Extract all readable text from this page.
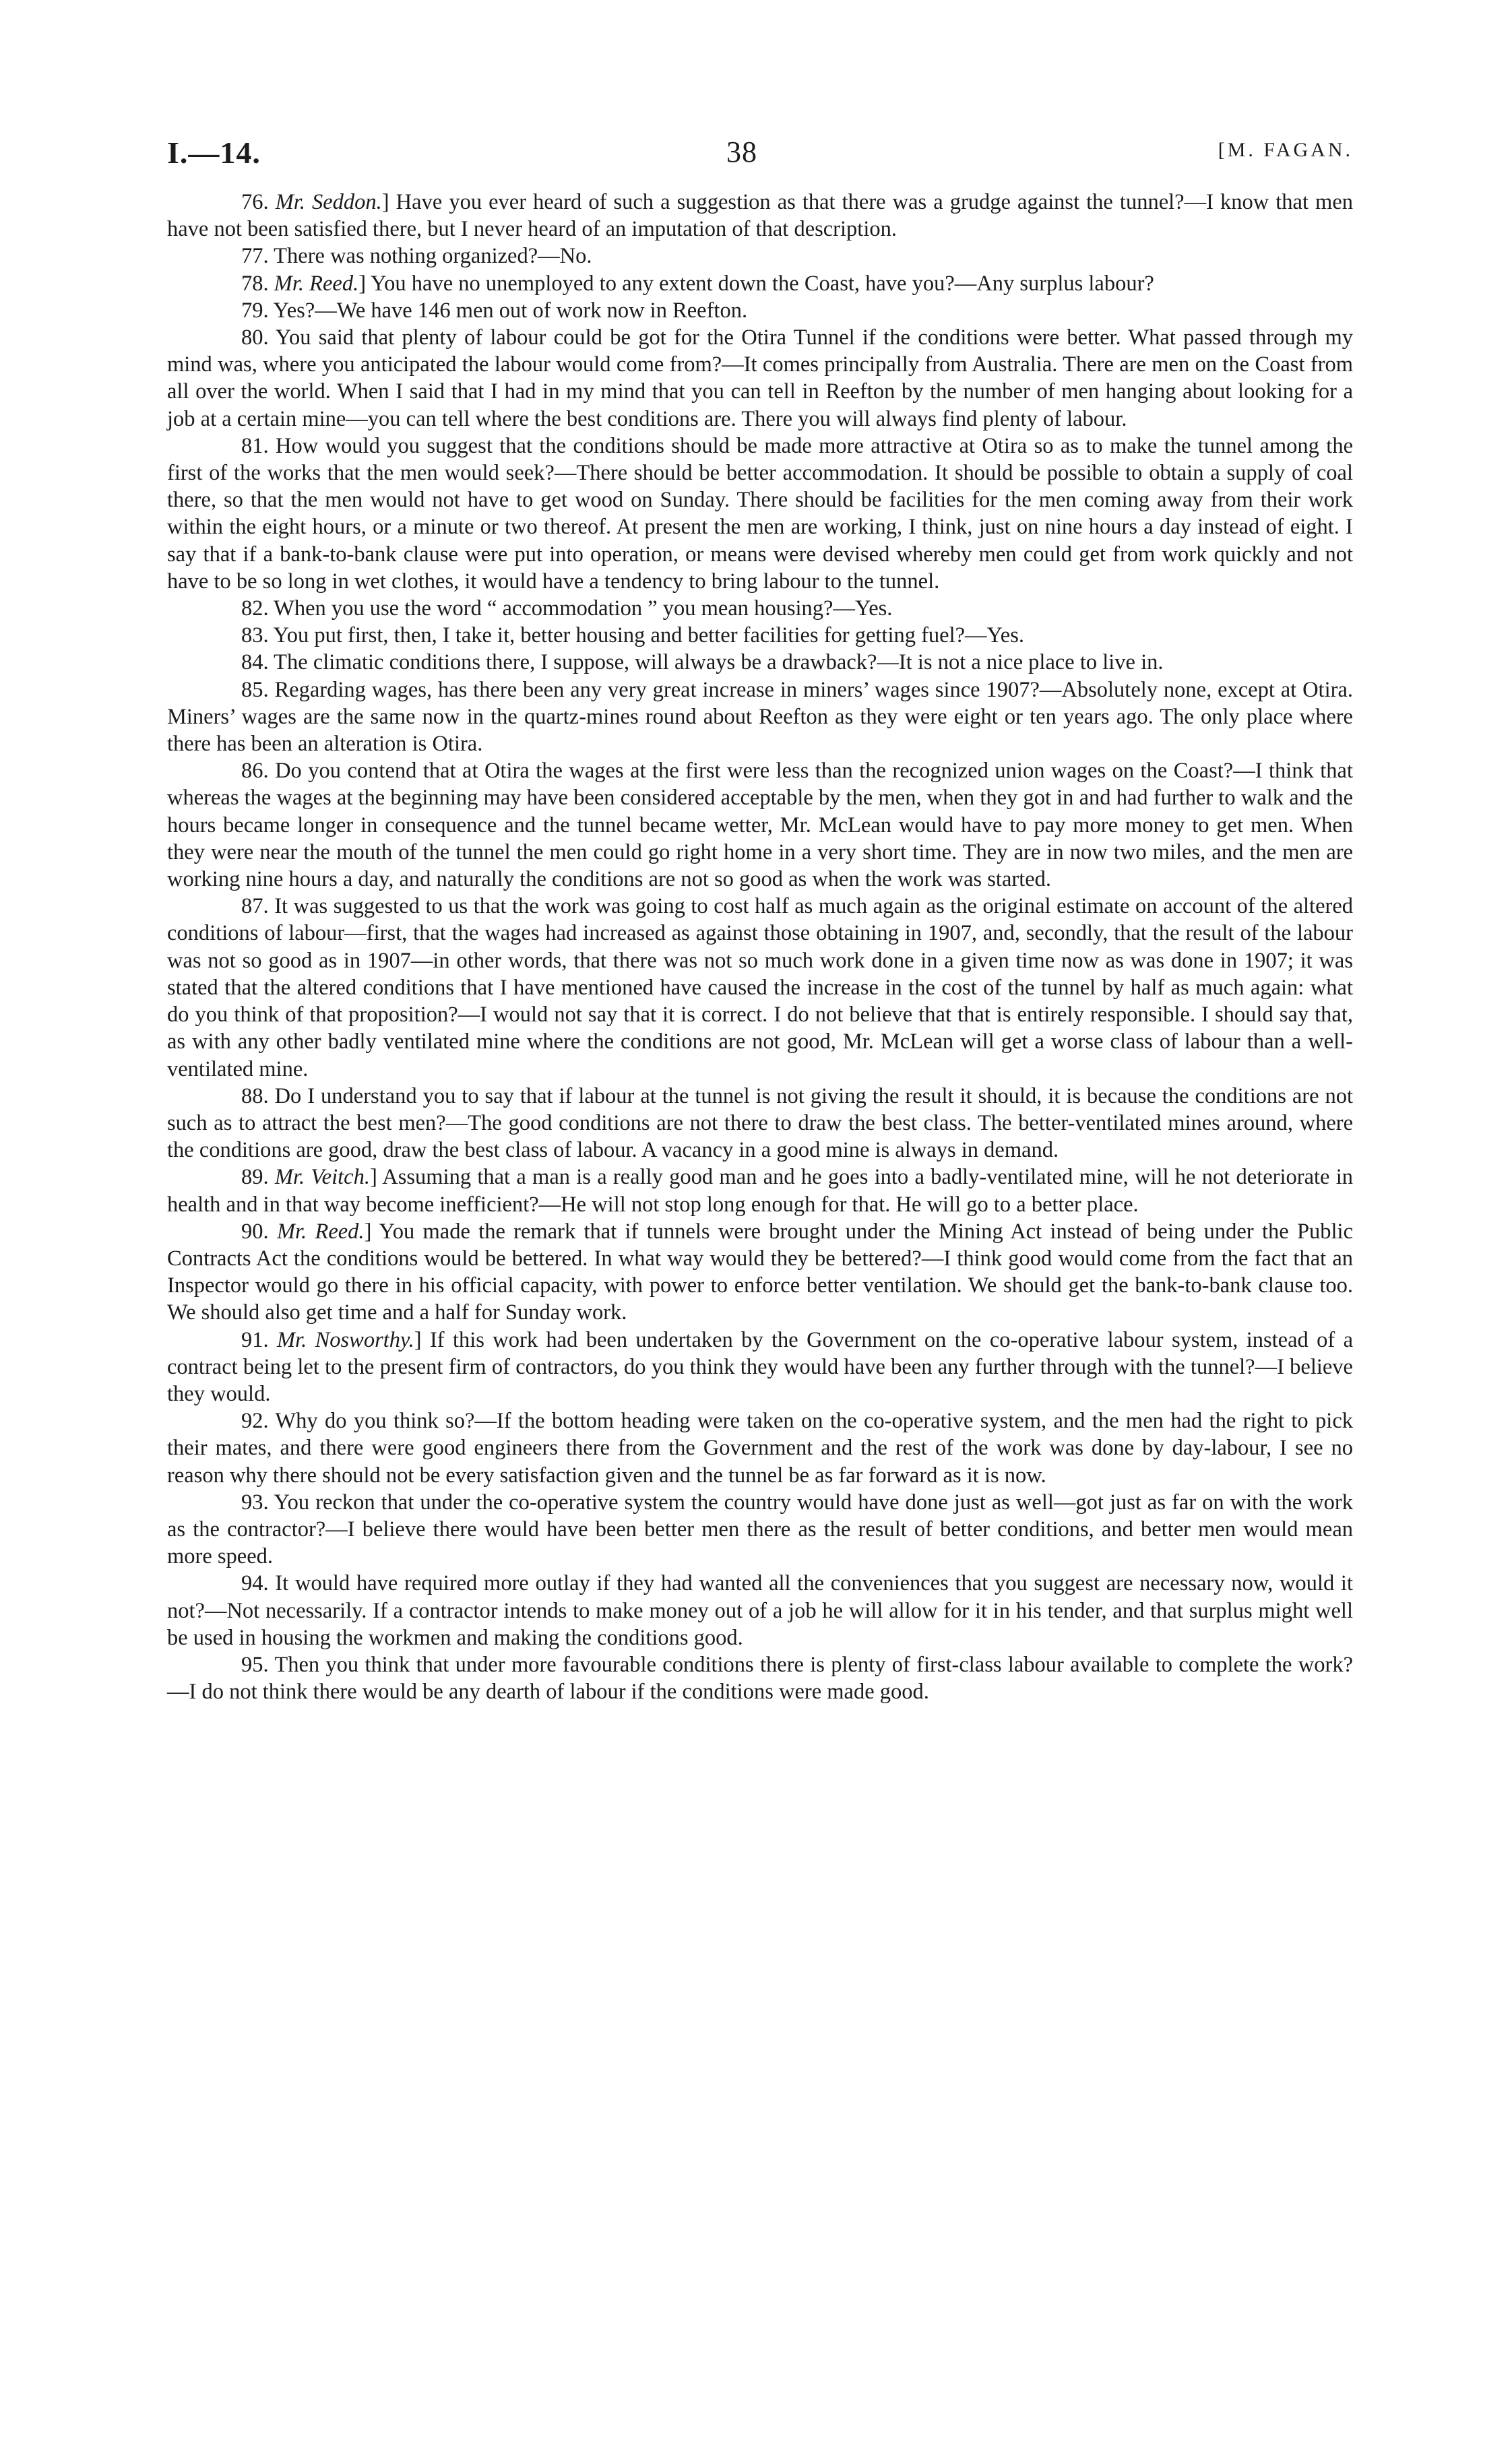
I.—14.	38	[M. FAGAN.

76. Mr. Seddon.] Have you ever heard of such a suggestion as that there was a grudge against the tunnel?—I know that men have not been satisfied there, but I never heard of an imputation of that description.

77. There was nothing organized?—No.

78. Mr. Reed.] You have no unemployed to any extent down the Coast, have you?—Any surplus labour?

79. Yes?—We have 146 men out of work now in Reefton.

80. You said that plenty of labour could be got for the Otira Tunnel if the conditions were better. What passed through my mind was, where you anticipated the labour would come from?—It comes principally from Australia. There are men on the Coast from all over the world. When I said that I had in my mind that you can tell in Reefton by the number of men hanging about looking for a job at a certain mine—you can tell where the best conditions are. There you will always find plenty of labour.

81. How would you suggest that the conditions should be made more attractive at Otira so as to make the tunnel among the first of the works that the men would seek?—There should be better accommodation. It should be possible to obtain a supply of coal there, so that the men would not have to get wood on Sunday. There should be facilities for the men coming away from their work within the eight hours, or a minute or two thereof. At present the men are working, I think, just on nine hours a day instead of eight. I say that if a bank-to-bank clause were put into operation, or means were devised whereby men could get from work quickly and not have to be so long in wet clothes, it would have a tendency to bring labour to the tunnel.

82. When you use the word “ accommodation ” you mean housing?—Yes.

83. You put first, then, I take it, better housing and better facilities for getting fuel?—Yes.

84. The climatic conditions there, I suppose, will always be a drawback?—It is not a nice place to live in.

85. Regarding wages, has there been any very great increase in miners’ wages since 1907?—Absolutely none, except at Otira. Miners’ wages are the same now in the quartz-mines round about Reefton as they were eight or ten years ago. The only place where there has been an alteration is Otira.

86. Do you contend that at Otira the wages at the first were less than the recognized union wages on the Coast?—I think that whereas the wages at the beginning may have been considered acceptable by the men, when they got in and had further to walk and the hours became longer in consequence and the tunnel became wetter, Mr. McLean would have to pay more money to get men. When they were near the mouth of the tunnel the men could go right home in a very short time. They are in now two miles, and the men are working nine hours a day, and naturally the conditions are not so good as when the work was started.

87. It was suggested to us that the work was going to cost half as much again as the original estimate on account of the altered conditions of labour—first, that the wages had increased as against those obtaining in 1907, and, secondly, that the result of the labour was not so good as in 1907—in other words, that there was not so much work done in a given time now as was done in 1907; it was stated that the altered conditions that I have mentioned have caused the increase in the cost of the tunnel by half as much again: what do you think of that proposition?—I would not say that it is correct. I do not believe that that is entirely responsible. I should say that, as with any other badly ventilated mine where the conditions are not good, Mr. McLean will get a worse class of labour than a well-ventilated mine.

88. Do I understand you to say that if labour at the tunnel is not giving the result it should, it is because the conditions are not such as to attract the best men?—The good conditions are not there to draw the best class. The better-ventilated mines around, where the conditions are good, draw the best class of labour. A vacancy in a good mine is always in demand.

89. Mr. Veitch.] Assuming that a man is a really good man and he goes into a badly-ventilated mine, will he not deteriorate in health and in that way become inefficient?—He will not stop long enough for that. He will go to a better place.

90. Mr. Reed.] You made the remark that if tunnels were brought under the Mining Act instead of being under the Public Contracts Act the conditions would be bettered. In what way would they be bettered?—I think good would come from the fact that an Inspector would go there in his official capacity, with power to enforce better ventilation. We should get the bank-to-bank clause too. We should also get time and a half for Sunday work.

91. Mr. Nosworthy.] If this work had been undertaken by the Government on the co-operative labour system, instead of a contract being let to the present firm of contractors, do you think they would have been any further through with the tunnel?—I believe they would.

92. Why do you think so?—If the bottom heading were taken on the co-operative system, and the men had the right to pick their mates, and there were good engineers there from the Government and the rest of the work was done by day-labour, I see no reason why there should not be every satisfaction given and the tunnel be as far forward as it is now.

93. You reckon that under the co-operative system the country would have done just as well—got just as far on with the work as the contractor?—I believe there would have been better men there as the result of better conditions, and better men would mean more speed.

94. It would have required more outlay if they had wanted all the conveniences that you suggest are necessary now, would it not?—Not necessarily. If a contractor intends to make money out of a job he will allow for it in his tender, and that surplus might well be used in housing the workmen and making the conditions good.

95. Then you think that under more favourable conditions there is plenty of first-class labour available to complete the work?—I do not think there would be any dearth of labour if the conditions were made good.
